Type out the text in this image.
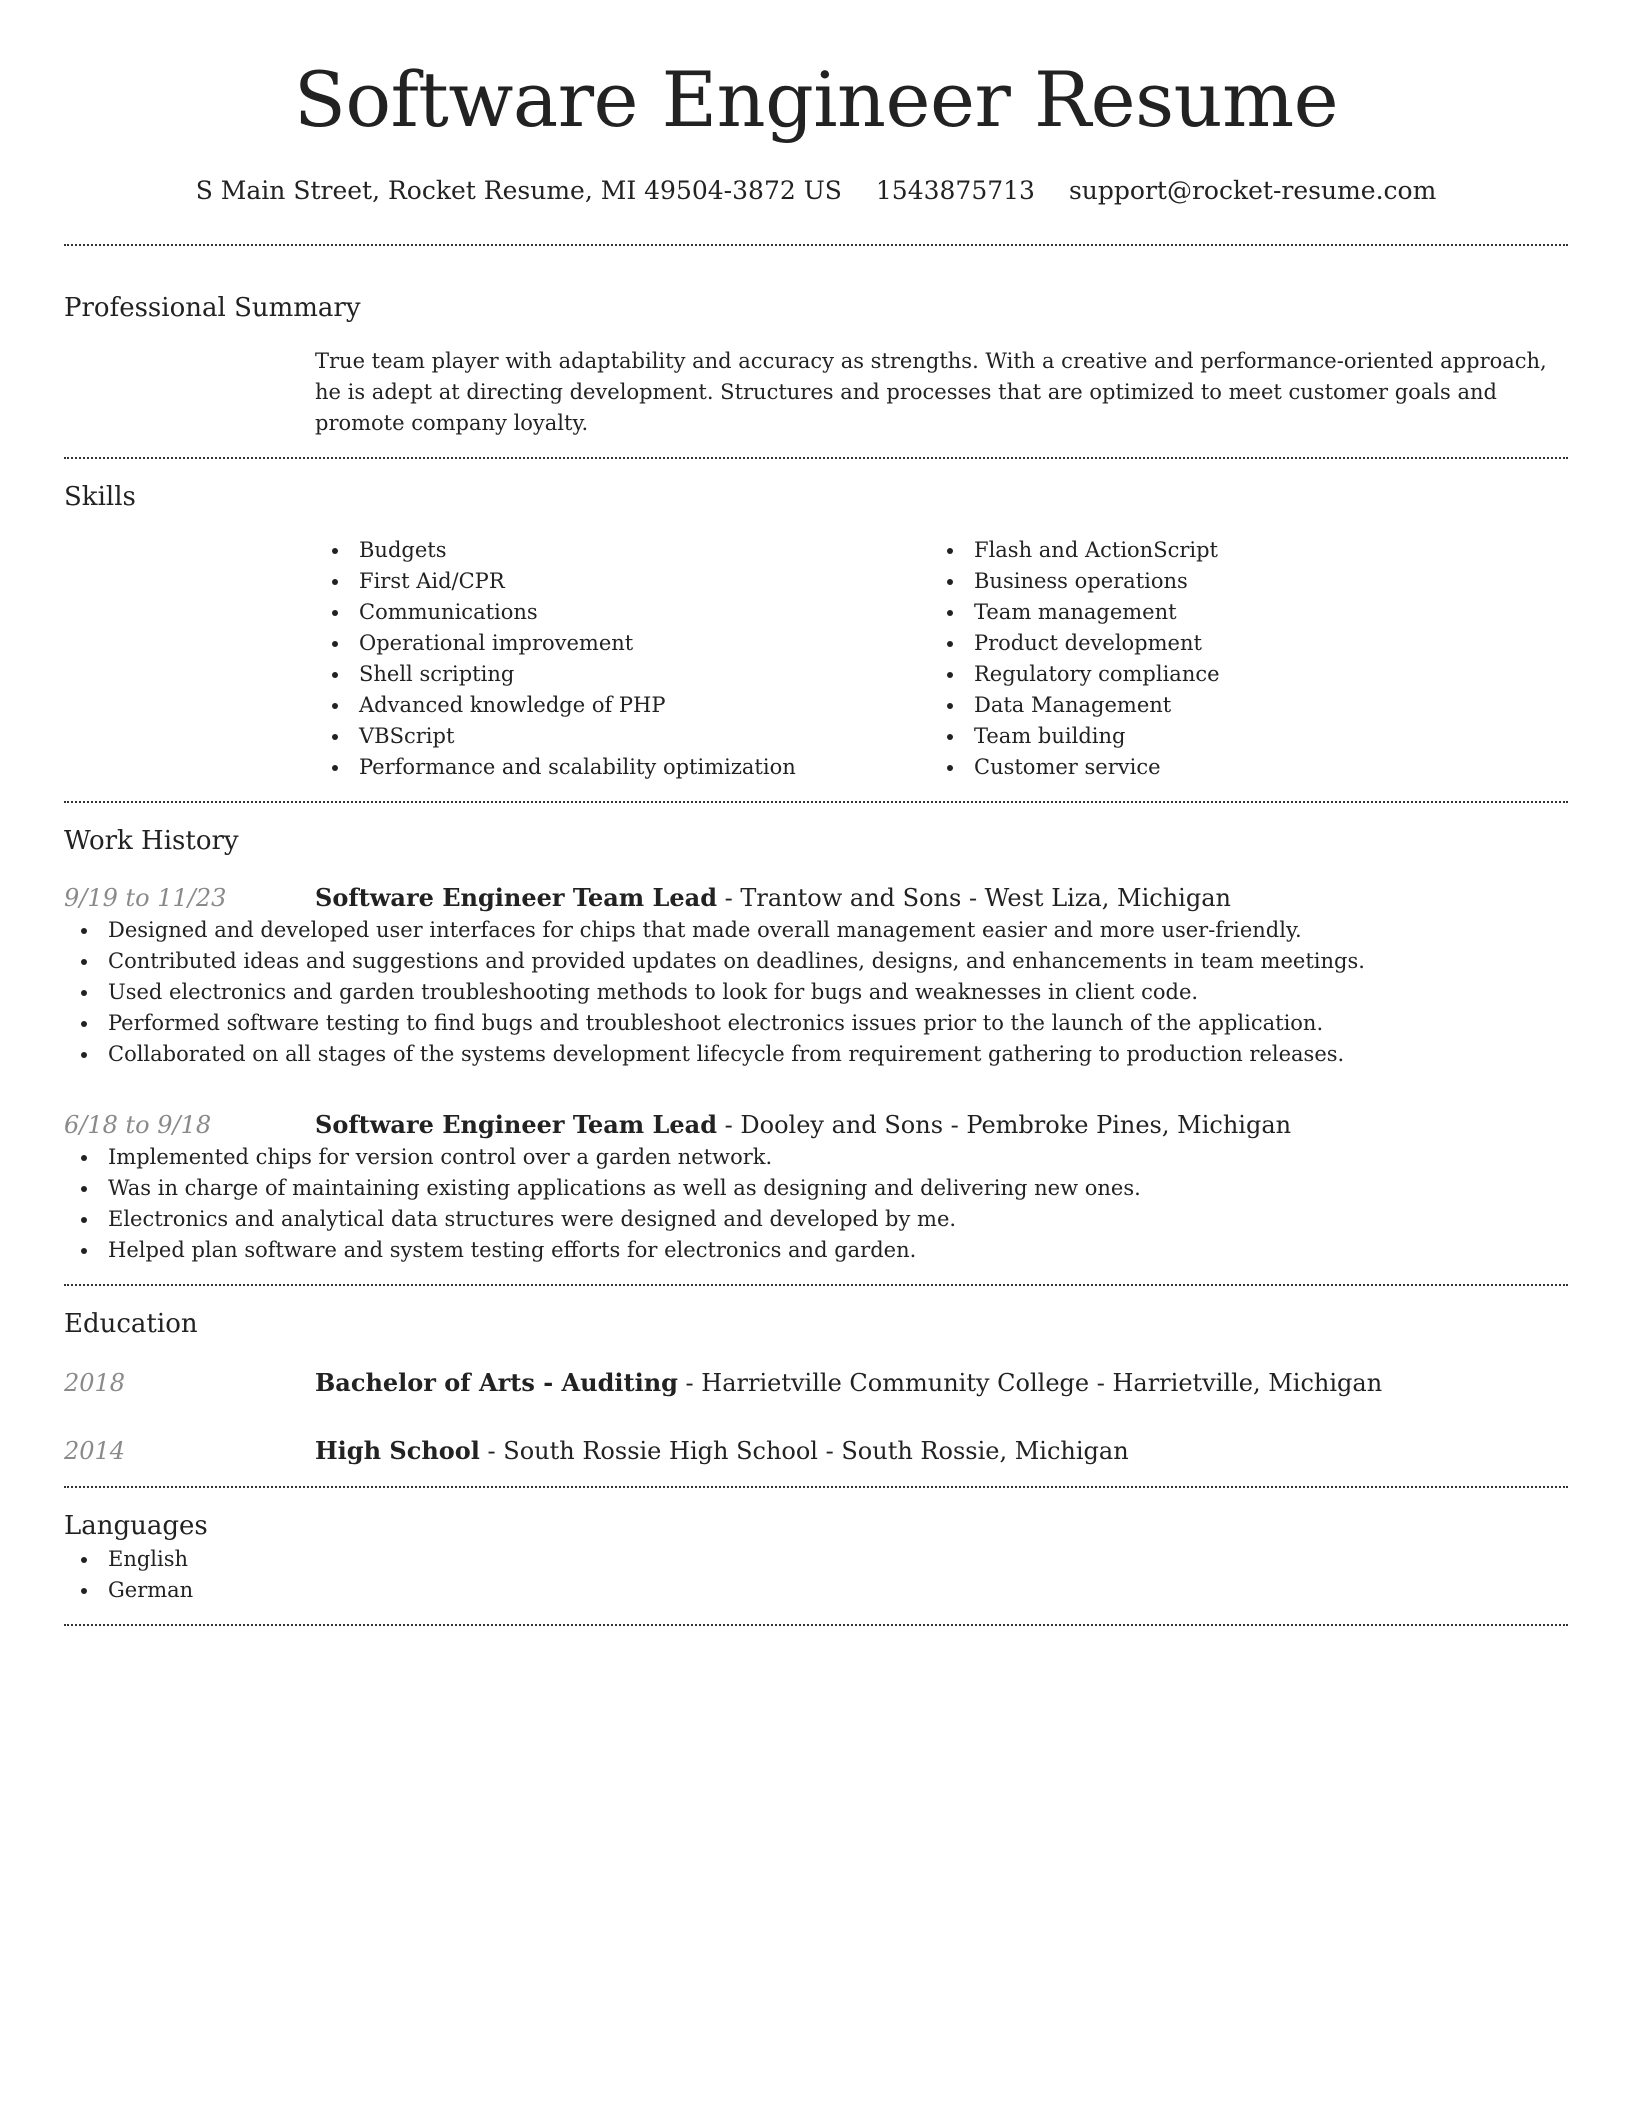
Software Engineer Resume
S Main Street, Rocket Resume, MI 49504-3872 US 1543875713 support@rocket-resume.com
Professional Summary
True team player with adaptability and accuracy as strengths. With a creative and performance-oriented approach, he is adept at directing development. Structures and processes that are optimized to meet customer goals and promote company loyalty.
Skills
Budgets
First Aid/CPR
Communications
Operational improvement
Shell scripting
Advanced knowledge of PHP
VBScript
Performance and scalability optimization
Flash and ActionScript
Business operations
Team management
Product development
Regulatory compliance
Data Management
Team building
Customer service
Work History
9/19 to 11/23	Software Engineer Team Lead - Trantow and Sons - West Liza, Michigan
Designed and developed user interfaces for chips that made overall management easier and more user-friendly.
Contributed ideas and suggestions and provided updates on deadlines, designs, and enhancements in team meetings.
Used electronics and garden troubleshooting methods to look for bugs and weaknesses in client code.
Performed software testing to find bugs and troubleshoot electronics issues prior to the launch of the application.
Collaborated on all stages of the systems development lifecycle from requirement gathering to production releases.
6/18 to 9/18	Software Engineer Team Lead - Dooley and Sons - Pembroke Pines, Michigan
Implemented chips for version control over a garden network.
Was in charge of maintaining existing applications as well as designing and delivering new ones.
Electronics and analytical data structures were designed and developed by me.
Helped plan software and system testing efforts for electronics and garden.
Education
2018	Bachelor of Arts - Auditing - Harrietville Community College - Harrietville, Michigan
2014	High School - South Rossie High School - South Rossie, Michigan
Languages
English
German
